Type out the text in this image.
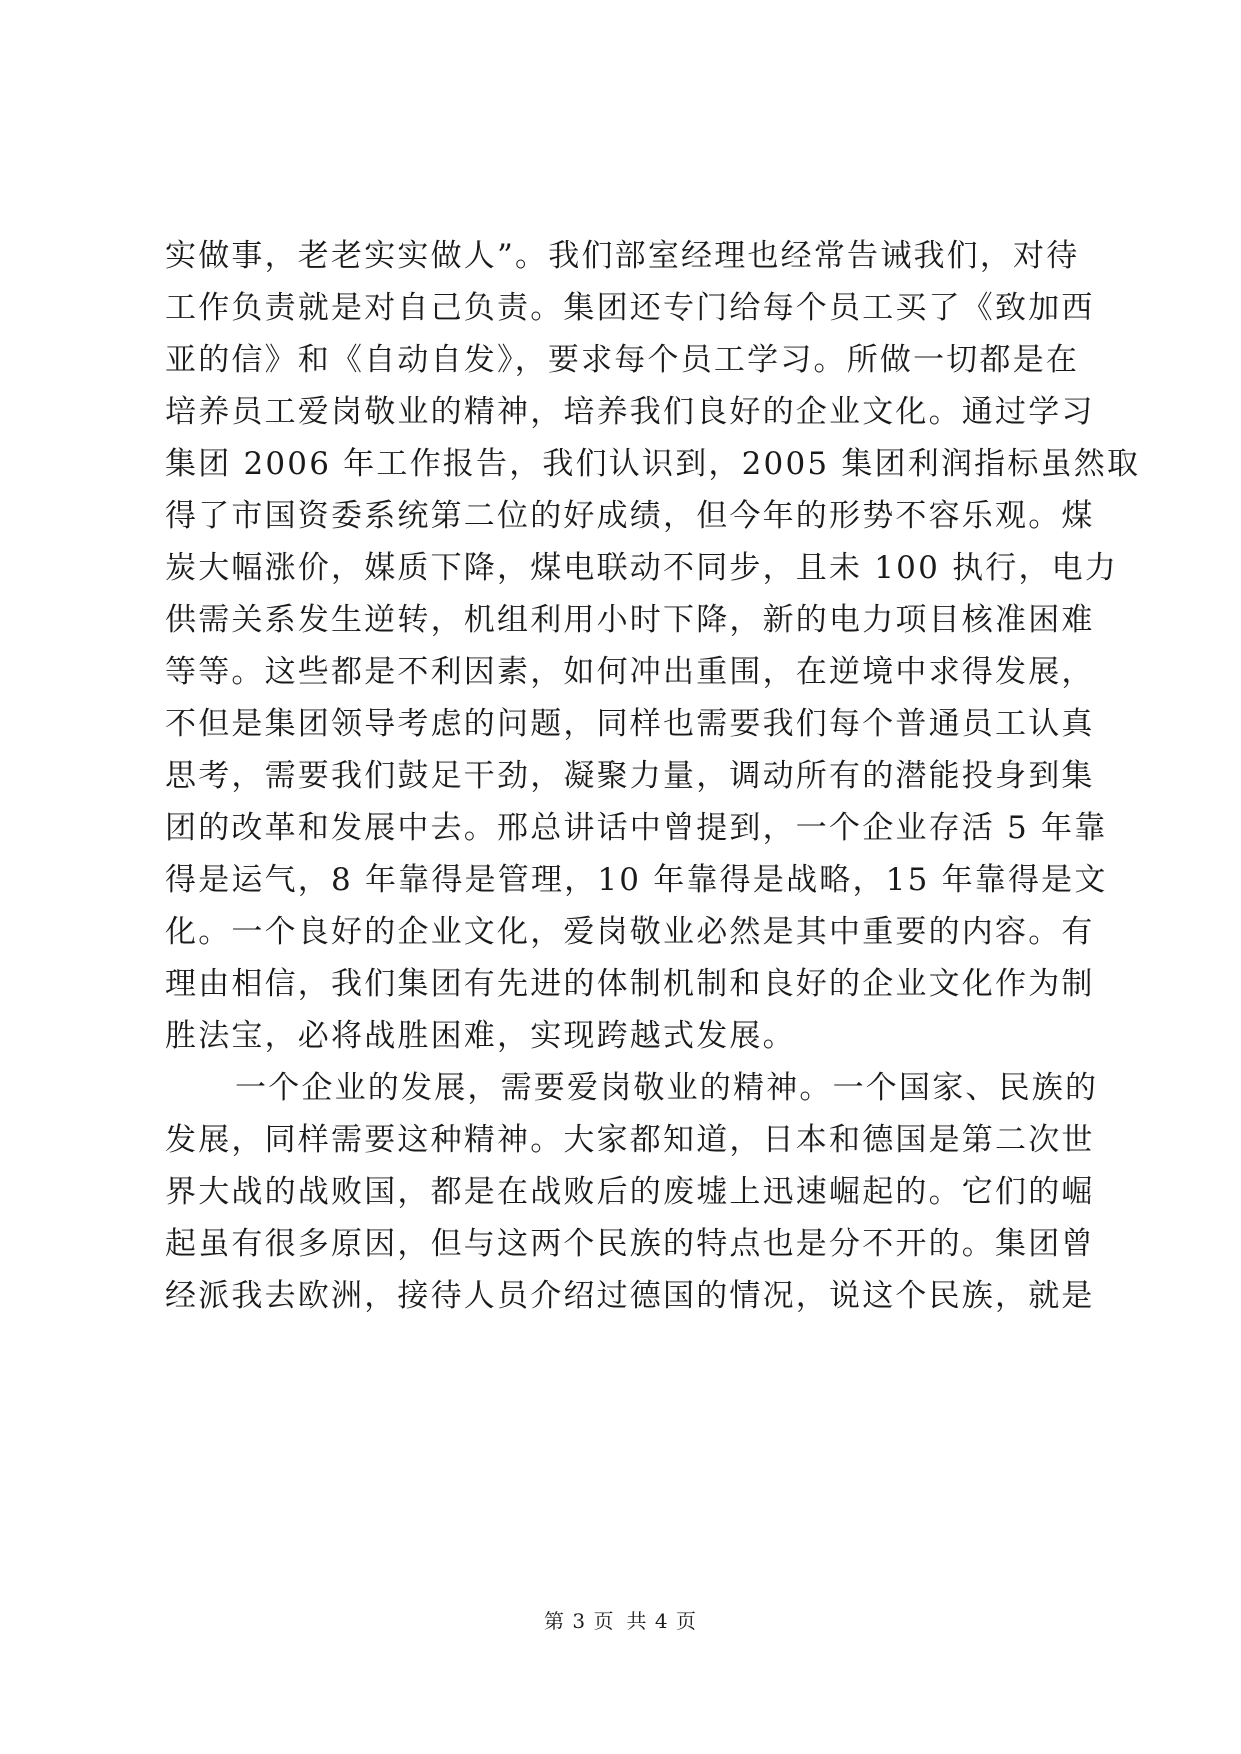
实做事，老老实实做人”。我们部室经理也经常告诫我们，对待
工作负责就是对自己负责。集团还专门给每个员工买了《致加西
亚的信》和《自动自发》，要求每个员工学习。所做一切都是在
培养员工爱岗敬业的精神，培养我们良好的企业文化。通过学习
集团 2006 年工作报告，我们认识到，2005 集团利润指标虽然取
得了市国资委系统第二位的好成绩，但今年的形势不容乐观。煤
炭大幅涨价，媒质下降，煤电联动不同步，且未 100 执行，电力
供需关系发生逆转，机组利用小时下降，新的电力项目核准困难
等等。这些都是不利因素，如何冲出重围，在逆境中求得发展，
不但是集团领导考虑的问题，同样也需要我们每个普通员工认真
思考，需要我们鼓足干劲，凝聚力量，调动所有的潜能投身到集
团的改革和发展中去。邢总讲话中曾提到，一个企业存活 5 年靠
得是运气，8 年靠得是管理，10 年靠得是战略，15 年靠得是文
化。一个良好的企业文化，爱岗敬业必然是其中重要的内容。有
理由相信，我们集团有先进的体制机制和良好的企业文化作为制
胜法宝，必将战胜困难，实现跨越式发展。
一个企业的发展，需要爱岗敬业的精神。一个国家、民族的
发展，同样需要这种精神。大家都知道，日本和德国是第二次世
界大战的战败国，都是在战败后的废墟上迅速崛起的。它们的崛
起虽有很多原因，但与这两个民族的特点也是分不开的。集团曾
经派我去欧洲，接待人员介绍过德国的情况，说这个民族，就是
第 3 页 共 4 页
